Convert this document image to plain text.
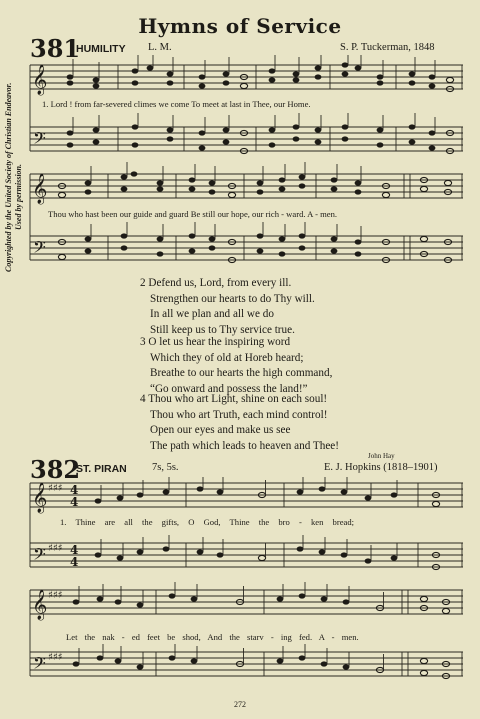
Hymns of Service
Copyrighted by the United Society of Christian Endeavor. Used by permission.
381
HUMILITY L. M.	S. P. Tuckerman, 1848
𝄞
𝄢
1. Lord ! from far-severed climes we come To meet at last in Thee, our Home.
𝄞
𝄢
Thou who hast been our guide and guard Be still our hope, our rich - ward. A - men.
2 Defend us, Lord, from every ill.
Strengthen our hearts to do Thy will.
In all we plan and all we do
Still keep us to Thy service true.
3 O let us hear the inspiring word
Which they of old at Horeb heard;
Breathe to our hearts the high command,
“Go onward and possess the land!”
4 Thou who art Light, shine on each soul!
Thou who art Truth, each mind control!
Open our eyes and make us see
The path which leads to heaven and Thee!
John Hay
382
ST. PIRAN 7s, 5s.	E. J. Hopkins (1818–1901)
𝄞
𝄢
♯♯♯
♯♯♯
4
4
4
4
1. Thine are all the gifts, O God, Thine the bro - ken bread;
𝄞
𝄢
♯♯♯
♯♯♯
Let the nak - ed feet be shod, And the starv - ing fed. A - men.
272
